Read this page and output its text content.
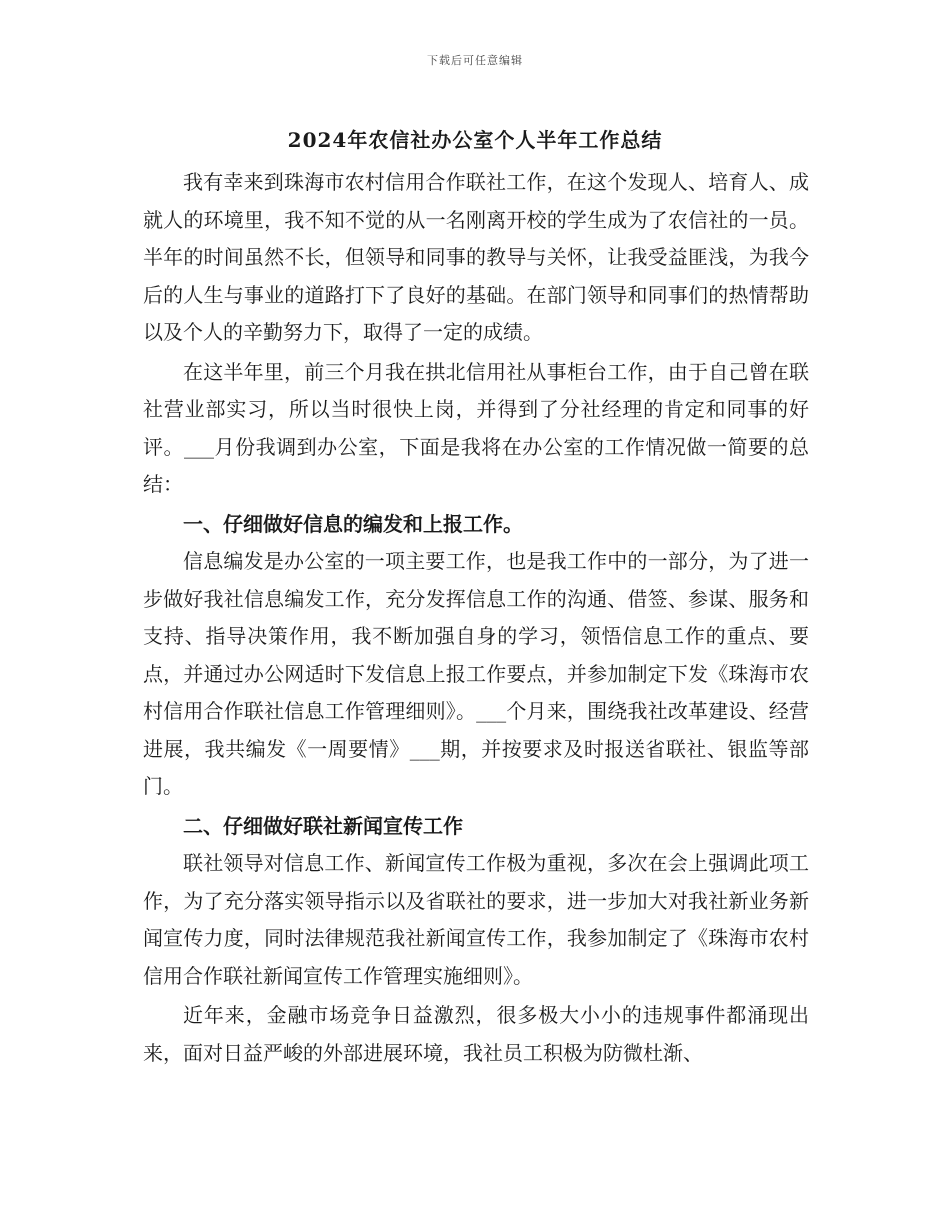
下载后可任意编辑
2024年农信社办公室个人半年工作总结

我有幸来到珠海市农村信用合作联社工作，在这个发现人、培育人、成就人的环境里，我不知不觉的从一名刚离开校的学生成为了农信社的一员。半年的时间虽然不长，但领导和同事的教导与关怀，让我受益匪浅，为我今后的人生与事业的道路打下了良好的基础。在部门领导和同事们的热情帮助以及个人的辛勤努力下，取得了一定的成绩。

在这半年里，前三个月我在拱北信用社从事柜台工作，由于自己曾在联社营业部实习，所以当时很快上岗，并得到了分社经理的肯定和同事的好评。___月份我调到办公室，下面是我将在办公室的工作情况做一简要的总结：

一、仔细做好信息的编发和上报工作。

信息编发是办公室的一项主要工作，也是我工作中的一部分，为了进一步做好我社信息编发工作，充分发挥信息工作的沟通、借签、参谋、服务和支持、指导决策作用，我不断加强自身的学习，领悟信息工作的重点、要点，并通过办公网适时下发信息上报工作要点，并参加制定下发《珠海市农村信用合作联社信息工作管理细则》。___个月来，围绕我社改革建设、经营进展，我共编发《一周要情》___期，并按要求及时报送省联社、银监等部门。

二、仔细做好联社新闻宣传工作

联社领导对信息工作、新闻宣传工作极为重视，多次在会上强调此项工作，为了充分落实领导指示以及省联社的要求，进一步加大对我社新业务新闻宣传力度，同时法律规范我社新闻宣传工作，我参加制定了《珠海市农村信用合作联社新闻宣传工作管理实施细则》。

近年来，金融市场竞争日益激烈，很多极大小小的违规事件都涌现出来，面对日益严峻的外部进展环境，我社员工积极为防微杜渐、
